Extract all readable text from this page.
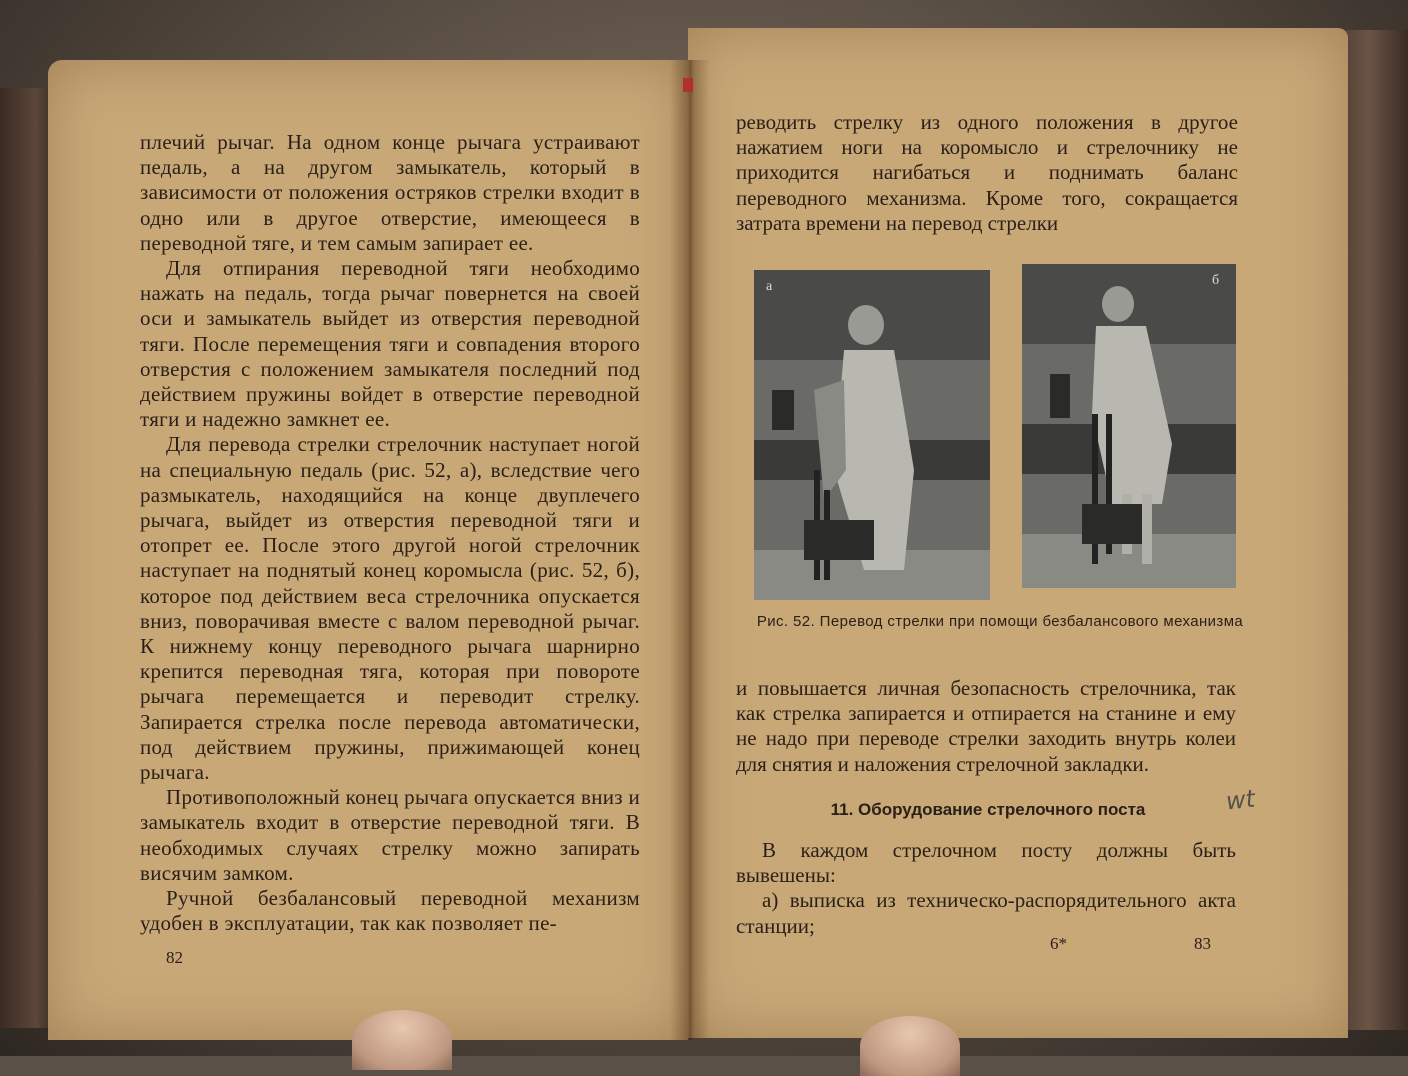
плечий рычаг. На одном конце рычага устраивают педаль, а на другом замыкатель, который в зависимости от положения остряков стрелки входит в одно или в другое отверстие, имеющееся в переводной тяге, и тем самым запирает ее.

Для отпирания переводной тяги необходимо нажать на педаль, тогда рычаг повернется на своей оси и замыкатель выйдет из отверстия переводной тяги. После перемещения тяги и совпадения второго отверстия с положением замыкателя последний под действием пружины войдет в отверстие переводной тяги и надежно замкнет ее.

Для перевода стрелки стрелочник наступает ногой на специальную педаль (рис. 52, а), вследствие чего размыкатель, находящийся на конце двуплечего рычага, выйдет из отверстия переводной тяги и отопрет ее. После этого другой ногой стрелочник наступает на поднятый конец коромысла (рис. 52, б), которое под действием веса стрелочника опускается вниз, поворачивая вместе с валом переводной рычаг. К нижнему концу переводного рычага шарнирно крепится переводная тяга, которая при повороте рычага перемещается и переводит стрелку. Запирается стрелка после перевода автоматически, под действием пружины, прижимающей конец рычага.

Противоположный конец рычага опускается вниз и замыкатель входит в отверстие переводной тяги. В необходимых случаях стрелку можно запирать висячим замком.

Ручной безбалансовый переводной механизм удобен в эксплуатации, так как позволяет пе-

82
реводить стрелку из одного положения в другое нажатием ноги на коромысло и стрелочнику не приходится нагибаться и поднимать баланс переводного механизма. Кроме того, сокращается затрата времени на перевод стрелки
а	б
Рис. 52. Перевод стрелки при помощи безбалансового механизма
и повышается личная безопасность стрелочника, так как стрелка запирается и отпирается на станине и ему не надо при переводе стрелки заходить внутрь колеи для снятия и наложения стрелочной закладки.
11. Оборудование стрелочного поста	wt

В каждом стрелочном посту должны быть вывешены:

а) выписка из техническо-распорядительного акта станции;

6*	83
